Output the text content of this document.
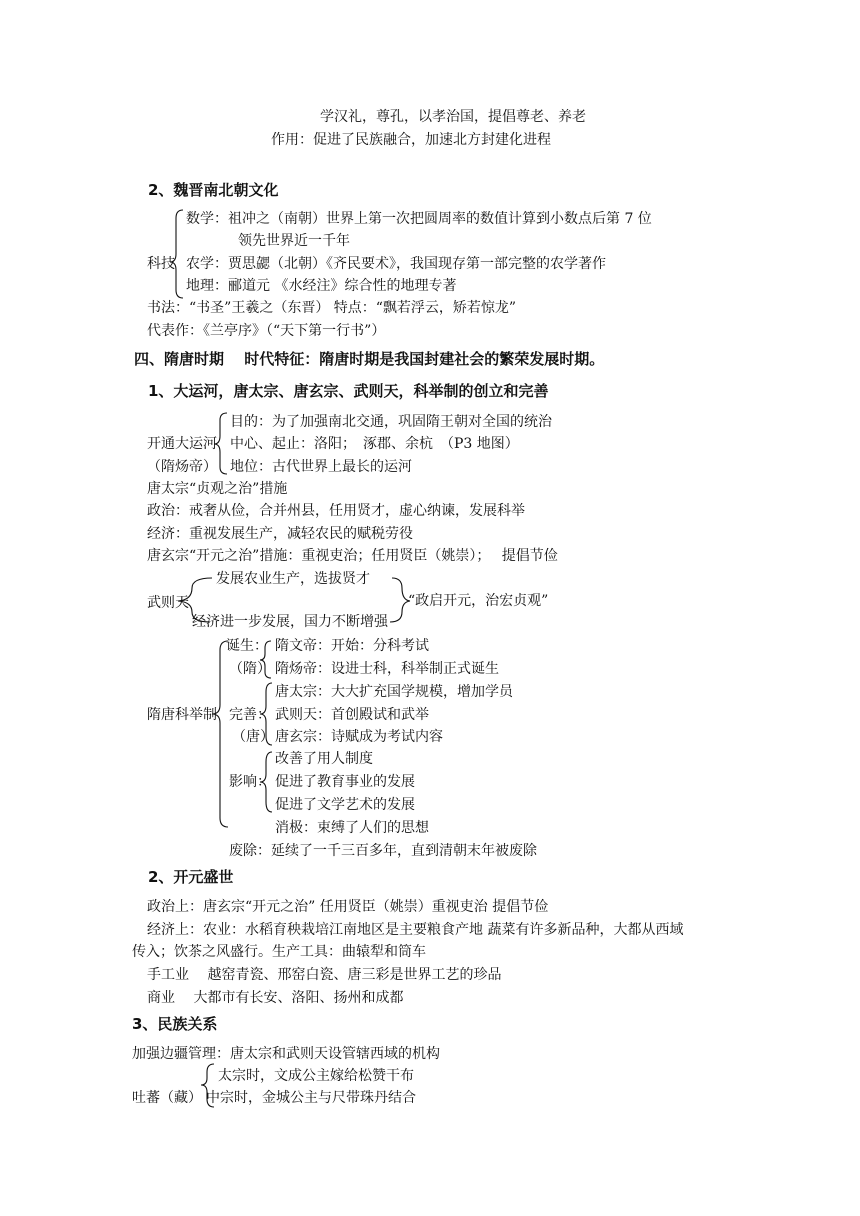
学汉礼，尊孔，以孝治国，提倡尊老、养老
作用：促进了民族融合，加速北方封建化进程
2、魏晋南北朝文化
数学：祖冲之（南朝）世界上第一次把圆周率的数值计算到小数点后第 7 位
领先世界近一千年
科技 农学：贾思勰（北朝）《齐民要术》，我国现存第一部完整的农学著作
地理：郦道元 《水经注》综合性的地理专著
书法：“书圣”王羲之（东晋） 特点：“飘若浮云，矫若惊龙”
代表作：《兰亭序》（“天下第一行书”）
四、隋唐时期　 时代特征：隋唐时期是我国封建社会的繁荣发展时期。
1、大运河，唐太宗、唐玄宗、武则天，科举制的创立和完善
目的：为了加强南北交通，巩固隋王朝对全国的统治
开通大运河 中心、起止：洛阳；　涿郡、余杭　（P3 地图）
（隋炀帝） 地位：古代世界上最长的运河
唐太宗“贞观之治”措施
政治：戒奢从俭，合并州县，任用贤才，虚心纳谏，发展科举
经济：重视发展生产，减轻农民的赋税劳役
唐玄宗“开元之治”措施：重视吏治；任用贤臣（姚崇）；　 提倡节俭
发展农业生产，选拔贤才
武则天	“政启开元，治宏贞观”
经济进一步发展，国力不断增强
诞生： 隋文帝：开始：分科考试
（隋） 隋炀帝：设进士科，科举制正式诞生
唐太宗：大大扩充国学规模，增加学员
隋唐科举制 完善： 武则天：首创殿试和武举
（唐） 唐玄宗：诗赋成为考试内容
改善了用人制度
影响： 促进了教育事业的发展
促进了文学艺术的发展
消极：束缚了人们的思想
废除：延续了一千三百多年，直到清朝末年被废除
2、开元盛世
政治上：唐玄宗“开元之治” 任用贤臣（姚崇）重视吏治 提倡节俭
经济上：农业：水稻育秧栽培江南地区是主要粮食产地 蔬菜有许多新品种，大都从西域
传入；饮茶之风盛行。生产工具：曲辕犁和筒车
手工业　 越窑青瓷、邢窑白瓷、唐三彩是世界工艺的珍品
商业　 大都市有长安、洛阳、扬州和成都
3、民族关系
加强边疆管理：唐太宗和武则天设管辖西域的机构
太宗时，文成公主嫁给松赞干布
吐蕃（藏） 中宗时，金城公主与尺带珠丹结合
